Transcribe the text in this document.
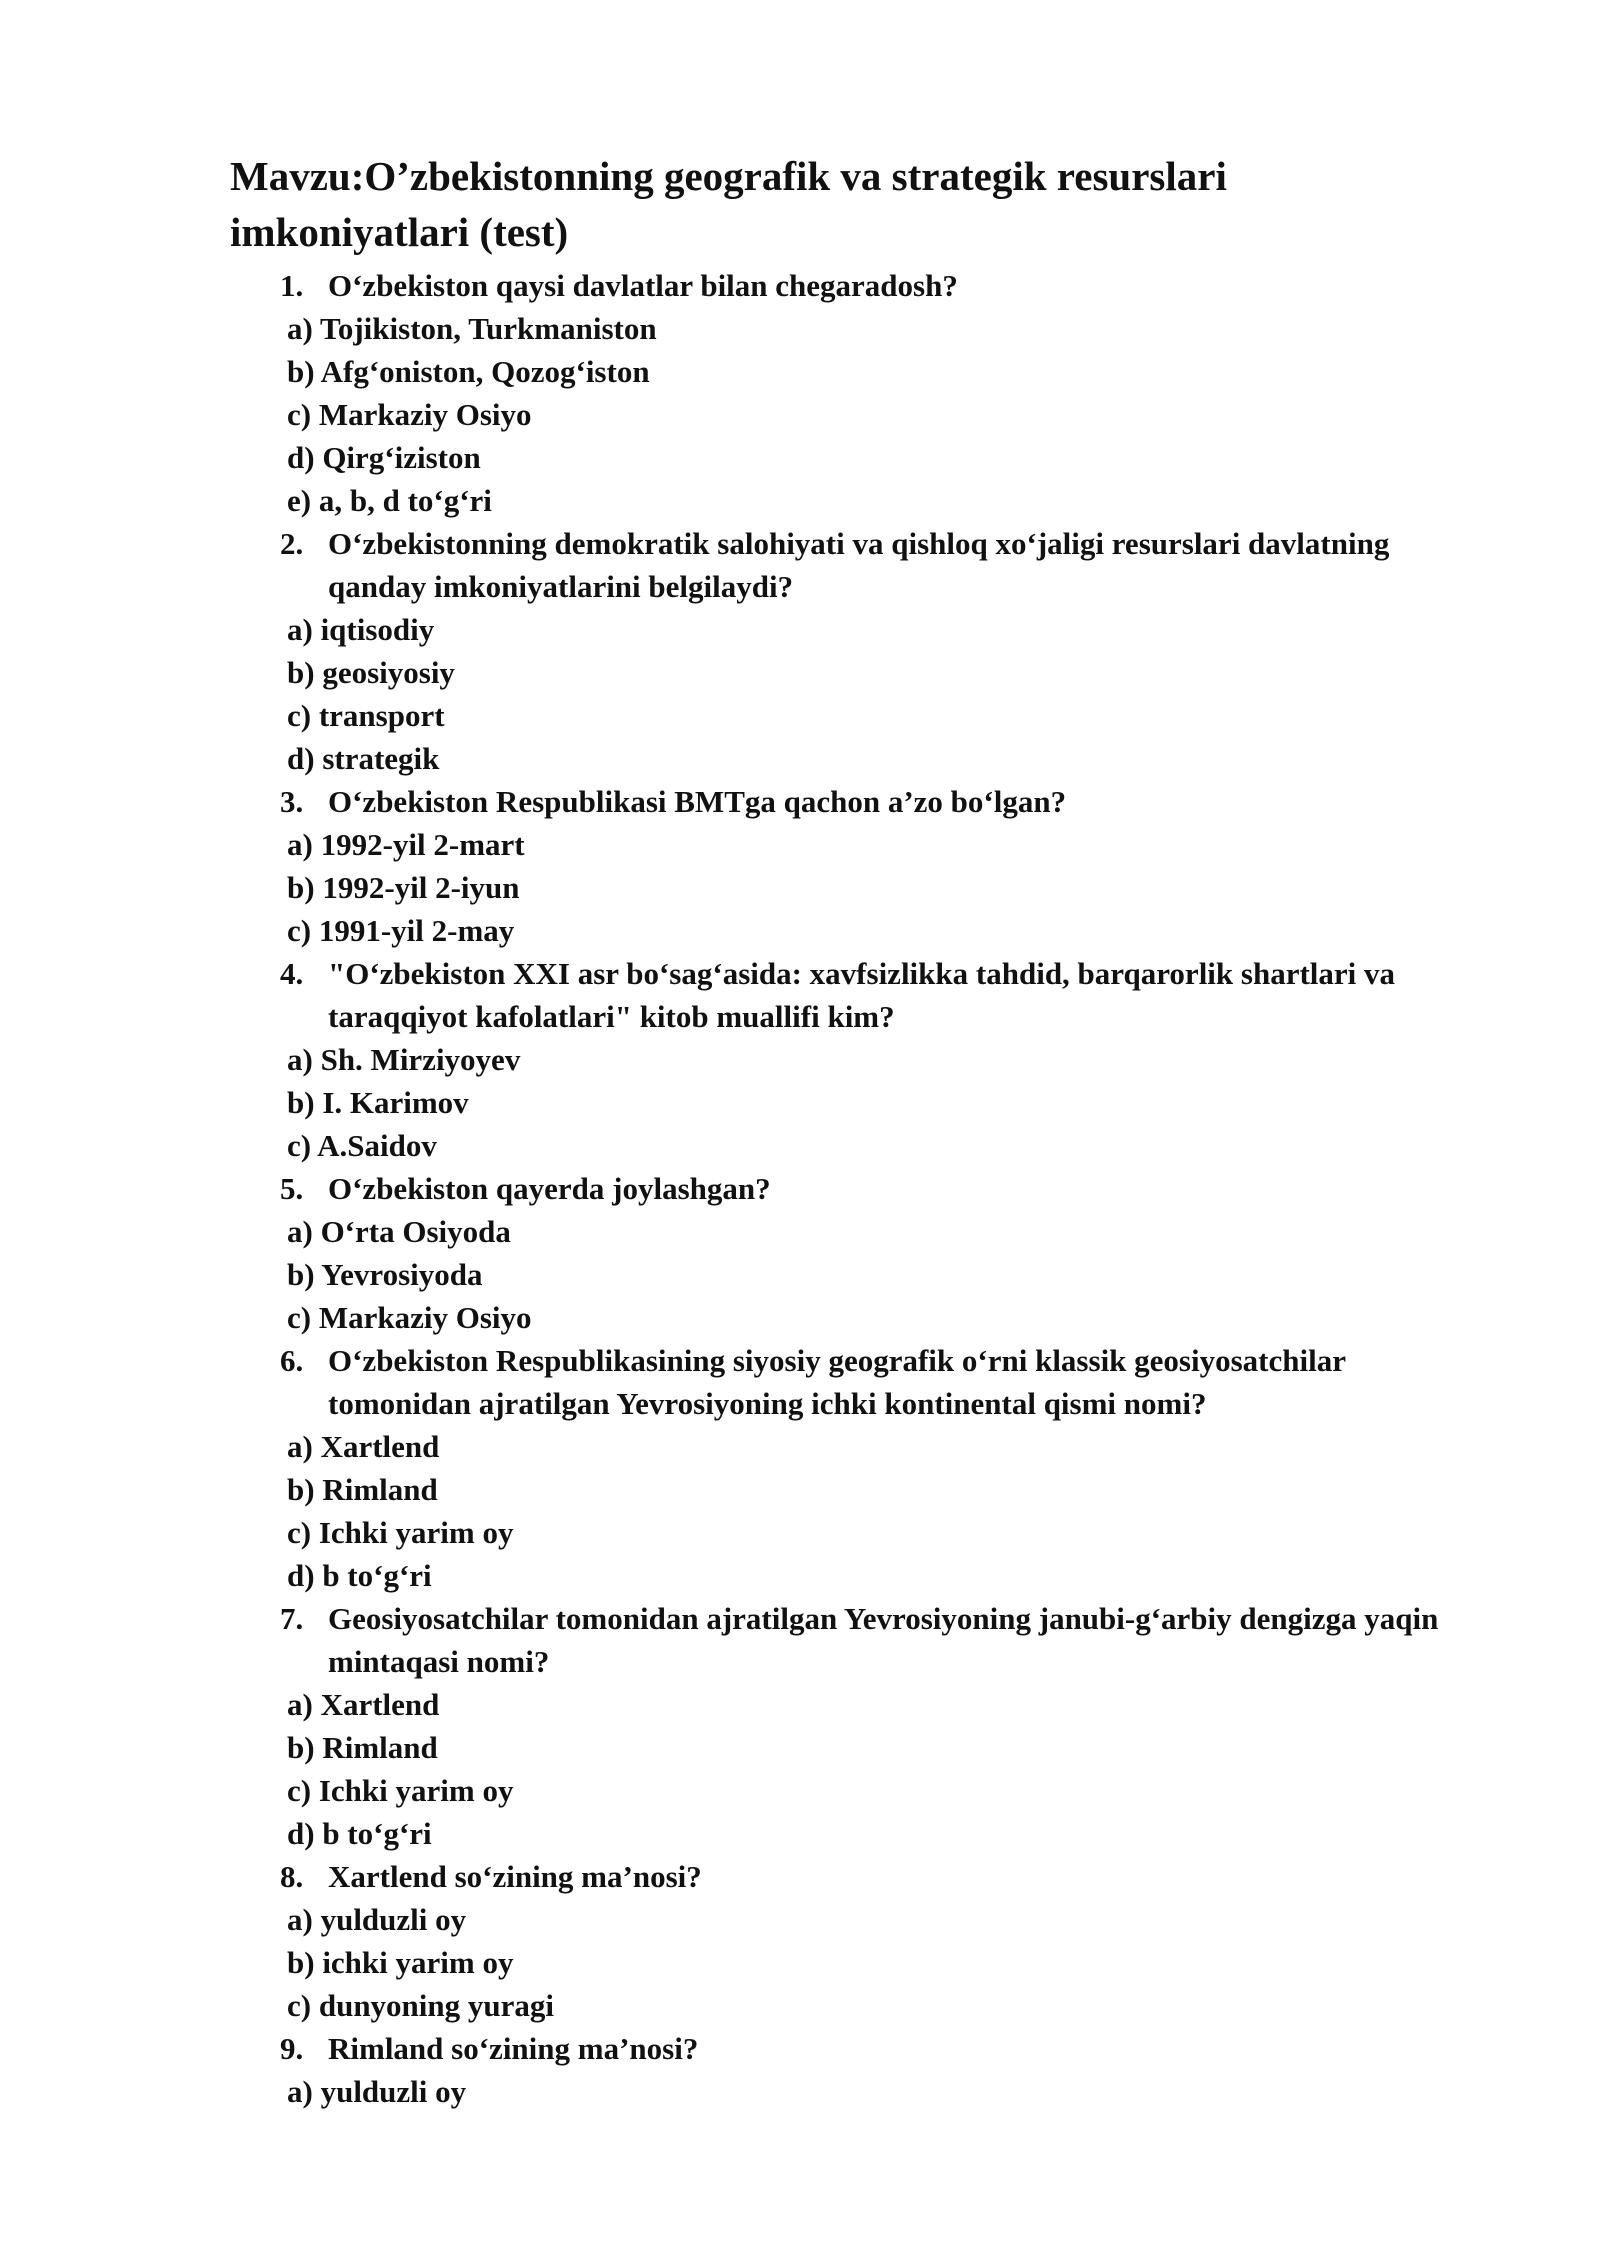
Mavzu:O’zbekistonning geografik va strategik resurslari imkoniyatlari (test)
1. O‘zbekiston qaysi davlatlar bilan chegaradosh?
a) Tojikiston, Turkmaniston
b) Afg‘oniston, Qozog‘iston
c) Markaziy Osiyo
d) Qirg‘iziston
e) a, b, d to‘g‘ri
2. O‘zbekistonning demokratik salohiyati va qishloq xo‘jaligi resurslari davlatning qanday imkoniyatlarini belgilaydi?
a) iqtisodiy
b) geosiyosiy
c) transport
d) strategik
3. O‘zbekiston Respublikasi BMTga qachon a’zo bo‘lgan?
a) 1992-yil 2-mart
b) 1992-yil 2-iyun
c) 1991-yil 2-may
4. "O‘zbekiston XXI asr bo‘sag‘asida: xavfsizlikka tahdid, barqarorlik shartlari va taraqqiyot kafolatlari" kitob muallifi kim?
a) Sh. Mirziyoyev
b) I. Karimov
c) A.Saidov
5. O‘zbekiston qayerda joylashgan?
a) O‘rta Osiyoda
b) Yevrosiyoda
c) Markaziy Osiyo
6. O‘zbekiston Respublikasining siyosiy geografik o‘rni klassik geosiyosatchilar tomonidan ajratilgan Yevrosiyoning ichki kontinental qismi nomi?
a) Xartlend
b) Rimland
c) Ichki yarim oy
d) b to‘g‘ri
7. Geosiyosatchilar tomonidan ajratilgan Yevrosiyoning janubi-g‘arbiy dengizga yaqin mintaqasi nomi?
a) Xartlend
b) Rimland
c) Ichki yarim oy
d) b to‘g‘ri
8. Xartlend so‘zining ma’nosi?
a) yulduzli oy
b) ichki yarim oy
c) dunyoning yuragi
9. Rimland so‘zining ma’nosi?
a) yulduzli oy
